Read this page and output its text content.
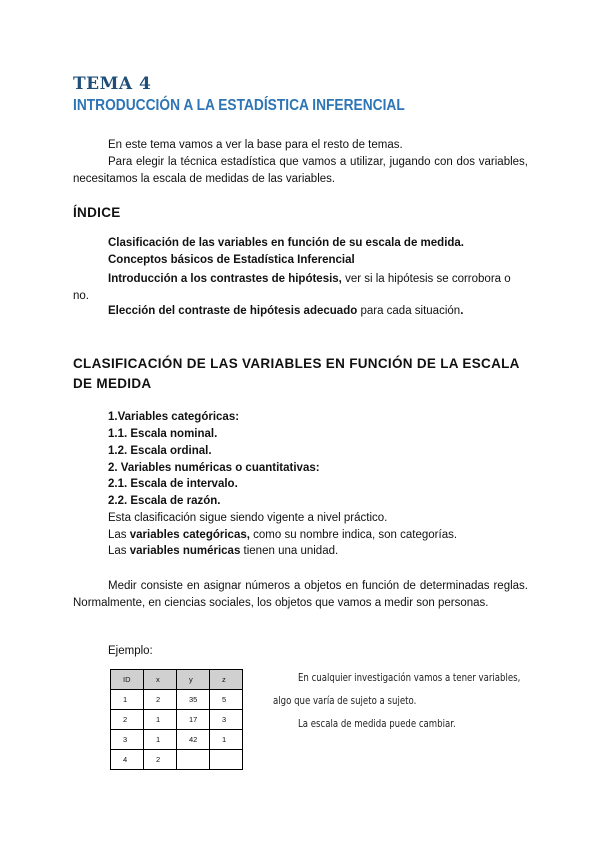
TEMA 4
INTRODUCCIÓN A LA ESTADÍSTICA INFERENCIAL
En este tema vamos a ver la base para el resto de temas.
Para elegir la técnica estadística que vamos a utilizar, jugando con dos variables, necesitamos la escala de medidas de las variables.
ÍNDICE
Clasificación de las variables en función de su escala de medida.
Conceptos básicos de Estadística Inferencial
Introducción a los contrastes de hipótesis, ver si la hipótesis se corrobora o no.
Elección del contraste de hipótesis adecuado para cada situación.
CLASIFICACIÓN DE LAS VARIABLES EN FUNCIÓN DE LA ESCALA DE MEDIDA
1.Variables categóricas:
1.1. Escala nominal.
1.2. Escala ordinal.
2. Variables numéricas o cuantitativas:
2.1. Escala de intervalo.
2.2. Escala de razón.
Esta clasificación sigue siendo vigente a nivel práctico.
Las variables categóricas, como su nombre indica, son categorías.
Las variables numéricas tienen una unidad.
Medir consiste en asignar números a objetos en función de determinadas reglas. Normalmente, en ciencias sociales, los objetos que vamos a medir son personas.
Ejemplo:
ID	x	y	z
1	2	35	5
2	1	17	3
3	1	42	1
4	2		
En cualquier investigación vamos a tener variables,
algo que varía de sujeto a sujeto.
La escala de medida puede cambiar.
